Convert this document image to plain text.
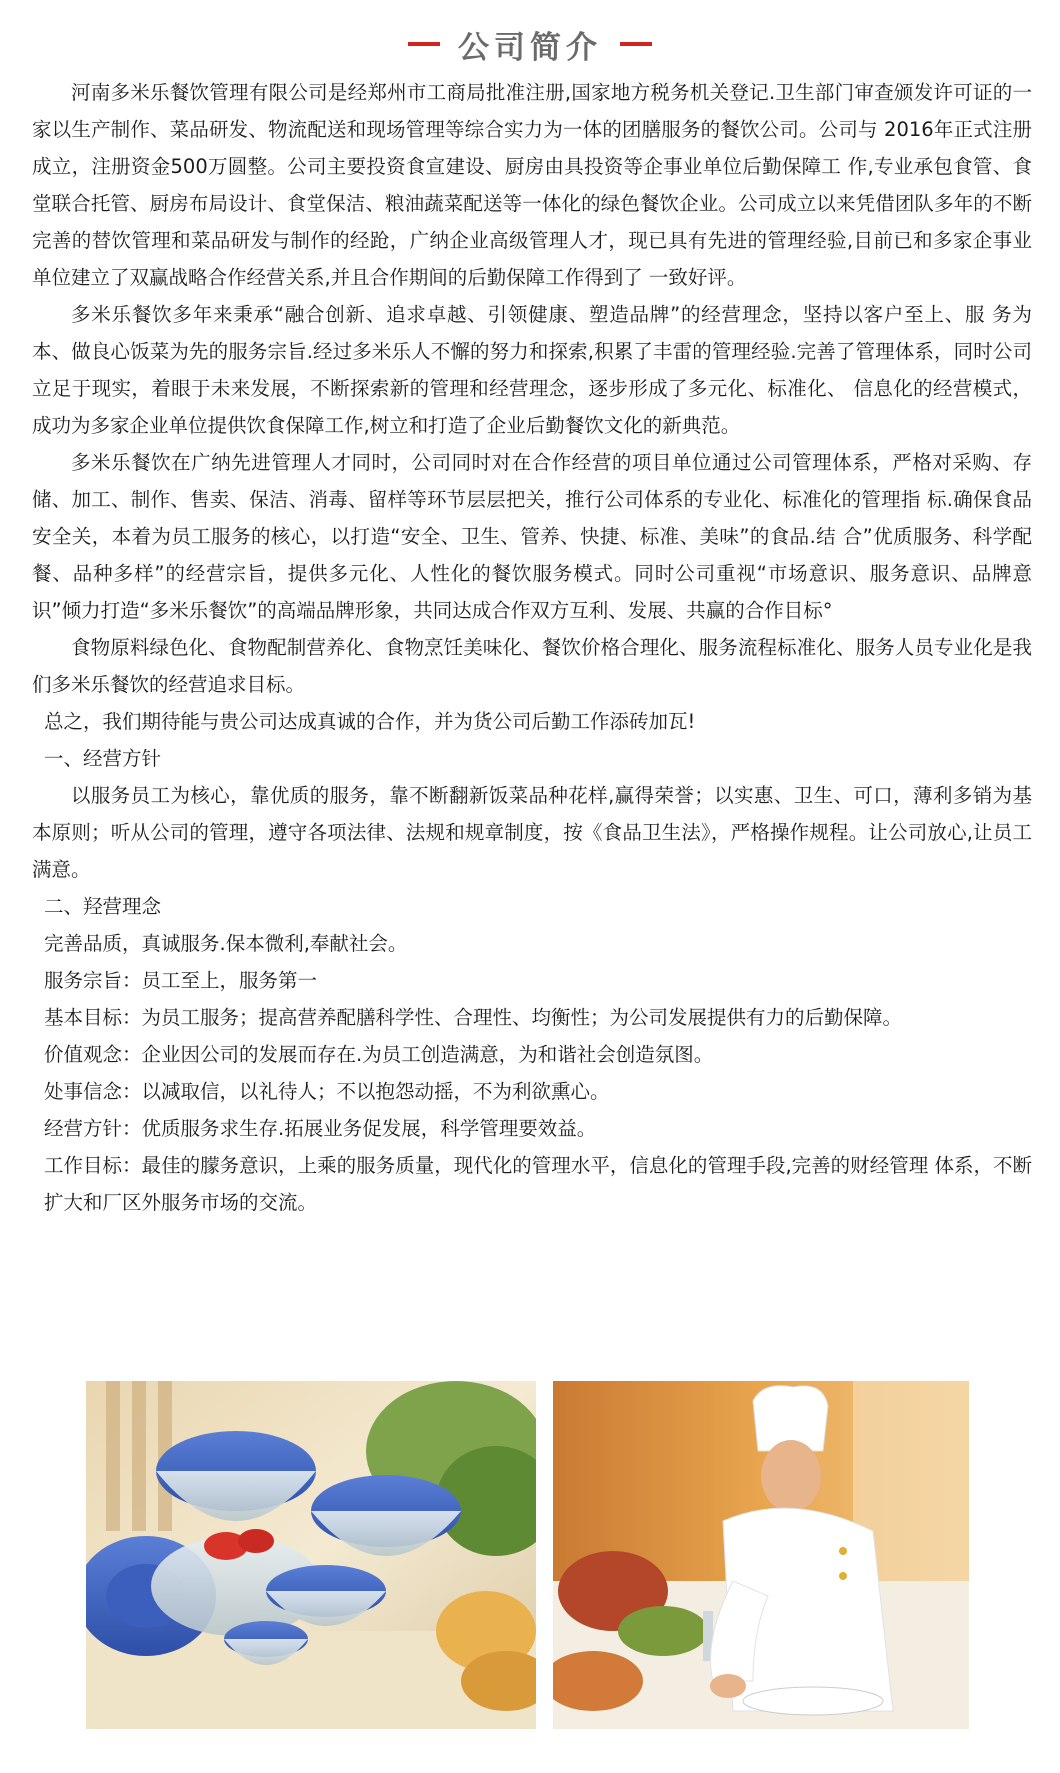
公司简介

河南多米乐餐饮管理有限公司是经郑州市工商局批准注册,国家地方税务机关登记.卫生部门审查颁发许可证的一家以生产制作、菜品研发、物流配送和现场管理等综合实力为一体的团膳服务的餐饮公司。公司与 2016年正式注册成立，注册资金500万圆整。公司主要投资食宣建设、厨房由具投资等企事业单位后勤保障工 作,专业承包食管、食堂联合托管、厨房布局设计、食堂保洁、粮油蔬菜配送等一体化的绿色餐饮企业。公司成立以来凭借团队多年的不断完善的替饮管理和菜品研发与制作的经跄，广纳企业高级管理人才，现已具有先进的管理经验,目前已和多家企事业单位建立了双赢战略合作经营关系,并且合作期间的后勤保障工作得到了 一致好评。

多米乐餐饮多年来秉承“融合创新、追求卓越、引领健康、塑造品牌”的经营理念，坚持以客户至上、服 务为本、做良心饭菜为先的服务宗旨.经过多米乐人不懈的努力和探索,积累了丰雷的管理经验.完善了管理体系，同时公司立足于现实，着眼于未来发展，不断探索新的管理和经营理念，逐步形成了多元化、标准化、 信息化的经营模式，成功为多家企业单位提供饮食保障工作,树立和打造了企业后勤餐饮文化的新典范。

多米乐餐饮在广纳先进管理人才同时，公司同时对在合作经营的项目单位通过公司管理体系，严格对采购、存储、加工、制作、售卖、保洁、消毒、留样等环节层层把关，推行公司体系的专业化、标准化的管理指 标.确保食品安全关，本着为员工服务的核心，以打造“安全、卫生、管养、快捷、标准、美味”的食品.结 合”优质服务、科学配餐、品种多样”的经营宗旨，提供多元化、人性化的餐饮服务模式。同时公司重视“市场意识、服务意识、品牌意识”倾力打造“多米乐餐饮”的高端品牌形象，共同达成合作双方互利、发展、共赢的合作目标°

食物原料绿色化、食物配制营养化、食物烹饪美味化、餐饮价格合理化、服务流程标准化、服务人员专业化是我们多米乐餐饮的经营追求目标。

总之，我们期待能与贵公司达成真诚的合作，并为货公司后勤工作添砖加瓦!

一、经营方针

以服务员工为核心，靠优质的服务，靠不断翻新饭菜品种花样,赢得荣誉；以实惠、卫生、可口，薄利多销为基本原则；听从公司的管理，遵守各项法律、法规和规章制度，按《食品卫生法》，严格操作规程。让公司放心,让员工满意。

二、羟营理念

完善品质，真诚服务.保本微利,奉献社会。

服务宗旨：员工至上，服务第一

基本目标：为员工服务；提高营养配膳科学性、合理性、均衡性；为公司发展提供有力的后勤保障。

价值观念：企业因公司的发展而存在.为员工创造满意，为和谐社会创造氛图。

处事信念：以减取信，以礼待人；不以抱怨动摇，不为利欲熏心。

经营方针：优质服务求生存.拓展业务促发展，科学管理要效益。

工作目标：最佳的朦务意识，上乘的服务质量，现代化的管理水平，信息化的管理手段,完善的财经管理 体系，不断扩大和厂区外服务市场的交流。
